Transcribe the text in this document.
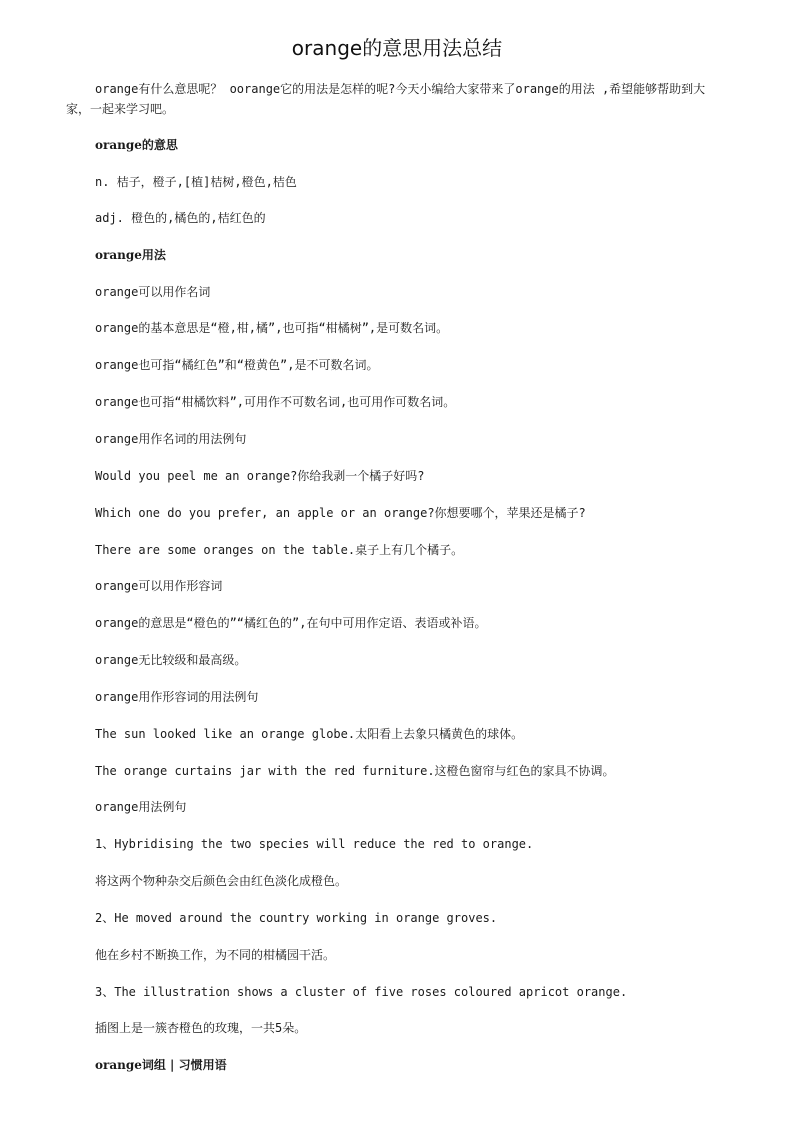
orange的意思用法总结
orange有什么意思呢？ oorange它的用法是怎样的呢?今天小编给大家带来了orange的用法 ,希望能够帮助到大家，一起来学习吧。
orange的意思
n. 桔子，橙子,[植]桔树,橙色,桔色
adj. 橙色的,橘色的,桔红色的
orange用法
orange可以用作名词
orange的基本意思是“橙,柑,橘”,也可指“柑橘树”,是可数名词。
orange也可指“橘红色”和“橙黄色”,是不可数名词。
orange也可指“柑橘饮料”,可用作不可数名词,也可用作可数名词。
orange用作名词的用法例句
Would you peel me an orange?你给我剥一个橘子好吗?
Which one do you prefer, an apple or an orange?你想要哪个，苹果还是橘子?
There are some oranges on the table.桌子上有几个橘子。
orange可以用作形容词
orange的意思是“橙色的”“橘红色的”,在句中可用作定语、表语或补语。
orange无比较级和最高级。
orange用作形容词的用法例句
The sun looked like an orange globe.太阳看上去象只橘黄色的球体。
The orange curtains jar with the red furniture.这橙色窗帘与红色的家具不协调。
orange用法例句
1、Hybridising the two species will reduce the red to orange.
将这两个物种杂交后颜色会由红色淡化成橙色。
2、He moved around the country working in orange groves.
他在乡村不断换工作，为不同的柑橘园干活。
3、The illustration shows a cluster of five roses coloured apricot orange.
插图上是一簇杏橙色的玫瑰，一共5朵。
orange词组 | 习惯用语
